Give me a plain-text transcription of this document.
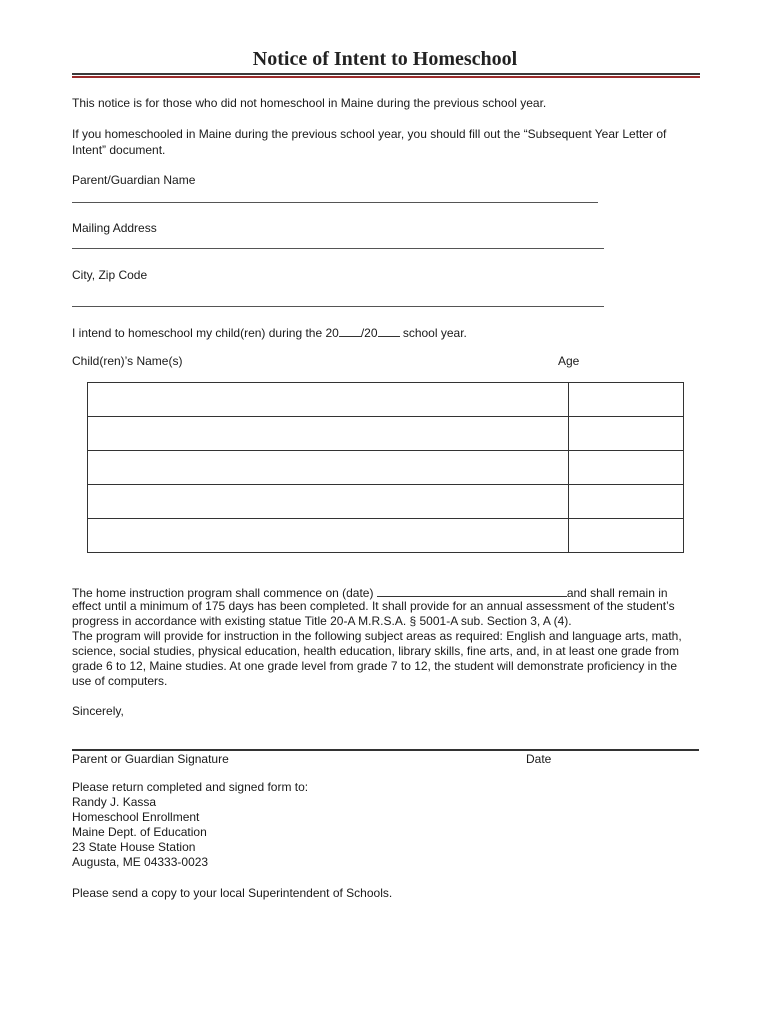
Notice of Intent to Homeschool

This notice is for those who did not homeschool in Maine during the previous school year.

If you homeschooled in Maine during the previous school year, you should fill out the “Subsequent Year Letter of Intent” document.

Parent/Guardian Name

Mailing Address

City, Zip Code

I intend to homeschool my child(ren) during the 20 /20 school year.

Child(ren)’s Name(s)	Age

The home instruction program shall commence on (date)	and shall remain in

effect until a minimum of 175 days has been completed. It shall provide for an annual assessment of the student’s progress in accordance with existing statue Title 20-A M.R.S.A. § 5001-A sub. Section 3, A (4).

The program will provide for instruction in the following subject areas as required: English and language arts, math, science, social studies, physical education, health education, library skills, fine arts, and, in at least one grade from grade 6 to 12, Maine studies. At one grade level from grade 7 to 12, the student will demonstrate proficiency in the use of computers.

Sincerely,

Parent or Guardian Signature	Date

Please return completed and signed form to:
Randy J. Kassa
Homeschool Enrollment
Maine Dept. of Education
23 State House Station
Augusta, ME 04333-0023

Please send a copy to your local Superintendent of Schools.
